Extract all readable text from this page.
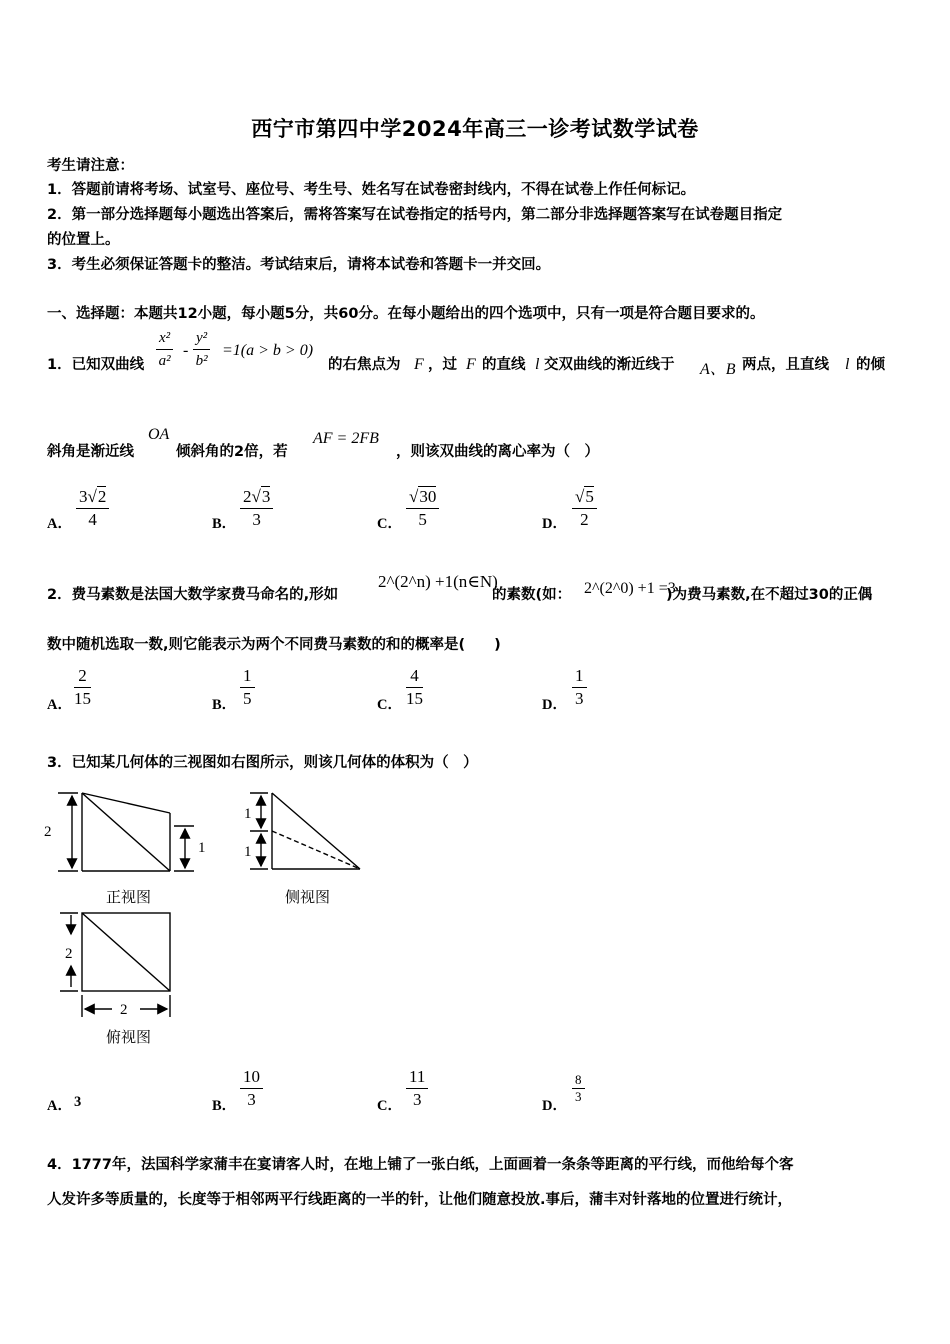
西宁市第四中学2024年高三一诊考试数学试卷
考生请注意：
1．答题前请将考场、试室号、座位号、考生号、姓名写在试卷密封线内，不得在试卷上作任何标记。
2．第一部分选择题每小题选出答案后，需将答案写在试卷指定的括号内，第二部分非选择题答案写在试卷题目指定
的位置上。
3．考生必须保证答题卡的整洁。考试结束后，请将本试卷和答题卡一并交回。
一、选择题：本题共12小题，每小题5分，共60分。在每小题给出的四个选项中，只有一项是符合题目要求的。
1．已知双曲线 $\frac{\text{x²}}{\text{a²}} - \frac{\text{y²}}{\text{b²}} =1(a > b > 0)$
的右焦点为 F ，过 F 的直线 l 交双曲线的渐近线于 A、B 两点，且直线 l 的倾
斜角是渐近线
OA
倾斜角的2倍，若
AF = 2FB
，则该双曲线的离心率为（　）
A． $\frac{3√2}{4}$	B． $\frac{2√3}{3}$	C． $\frac{√30}{5}$	D． $\frac{√5}{2}$
2．费马素数是法国大数学家费马命名的,形如
2^(2^n) +1(n∈N)
的素数(如： 2^(2^0) +1 =3
)为费马素数,在不超过30的正偶
数中随机选取一数,则它能表示为两个不同费马素数的和的概率是(　　)
A． $\frac{2}{15}$	B． $\frac{1}{5}$	C． $\frac{4}{15}$	D． $\frac{1}{3}$
3．已知某几何体的三视图如右图所示，则该几何体的体积为（　）
2
1
正视图
1
1
侧视图
2
2
俯视图
A． 3	B． $\frac{10}{3}$	C． $\frac{11}{3}$	D．
$\frac{8}{3}$
4．1777年，法国科学家蒲丰在宴请客人时，在地上铺了一张白纸，上面画着一条条等距离的平行线，而他给每个客
人发许多等质量的，长度等于相邻两平行线距离的一半的针，让他们随意投放.事后，蒲丰对针落地的位置进行统计，
